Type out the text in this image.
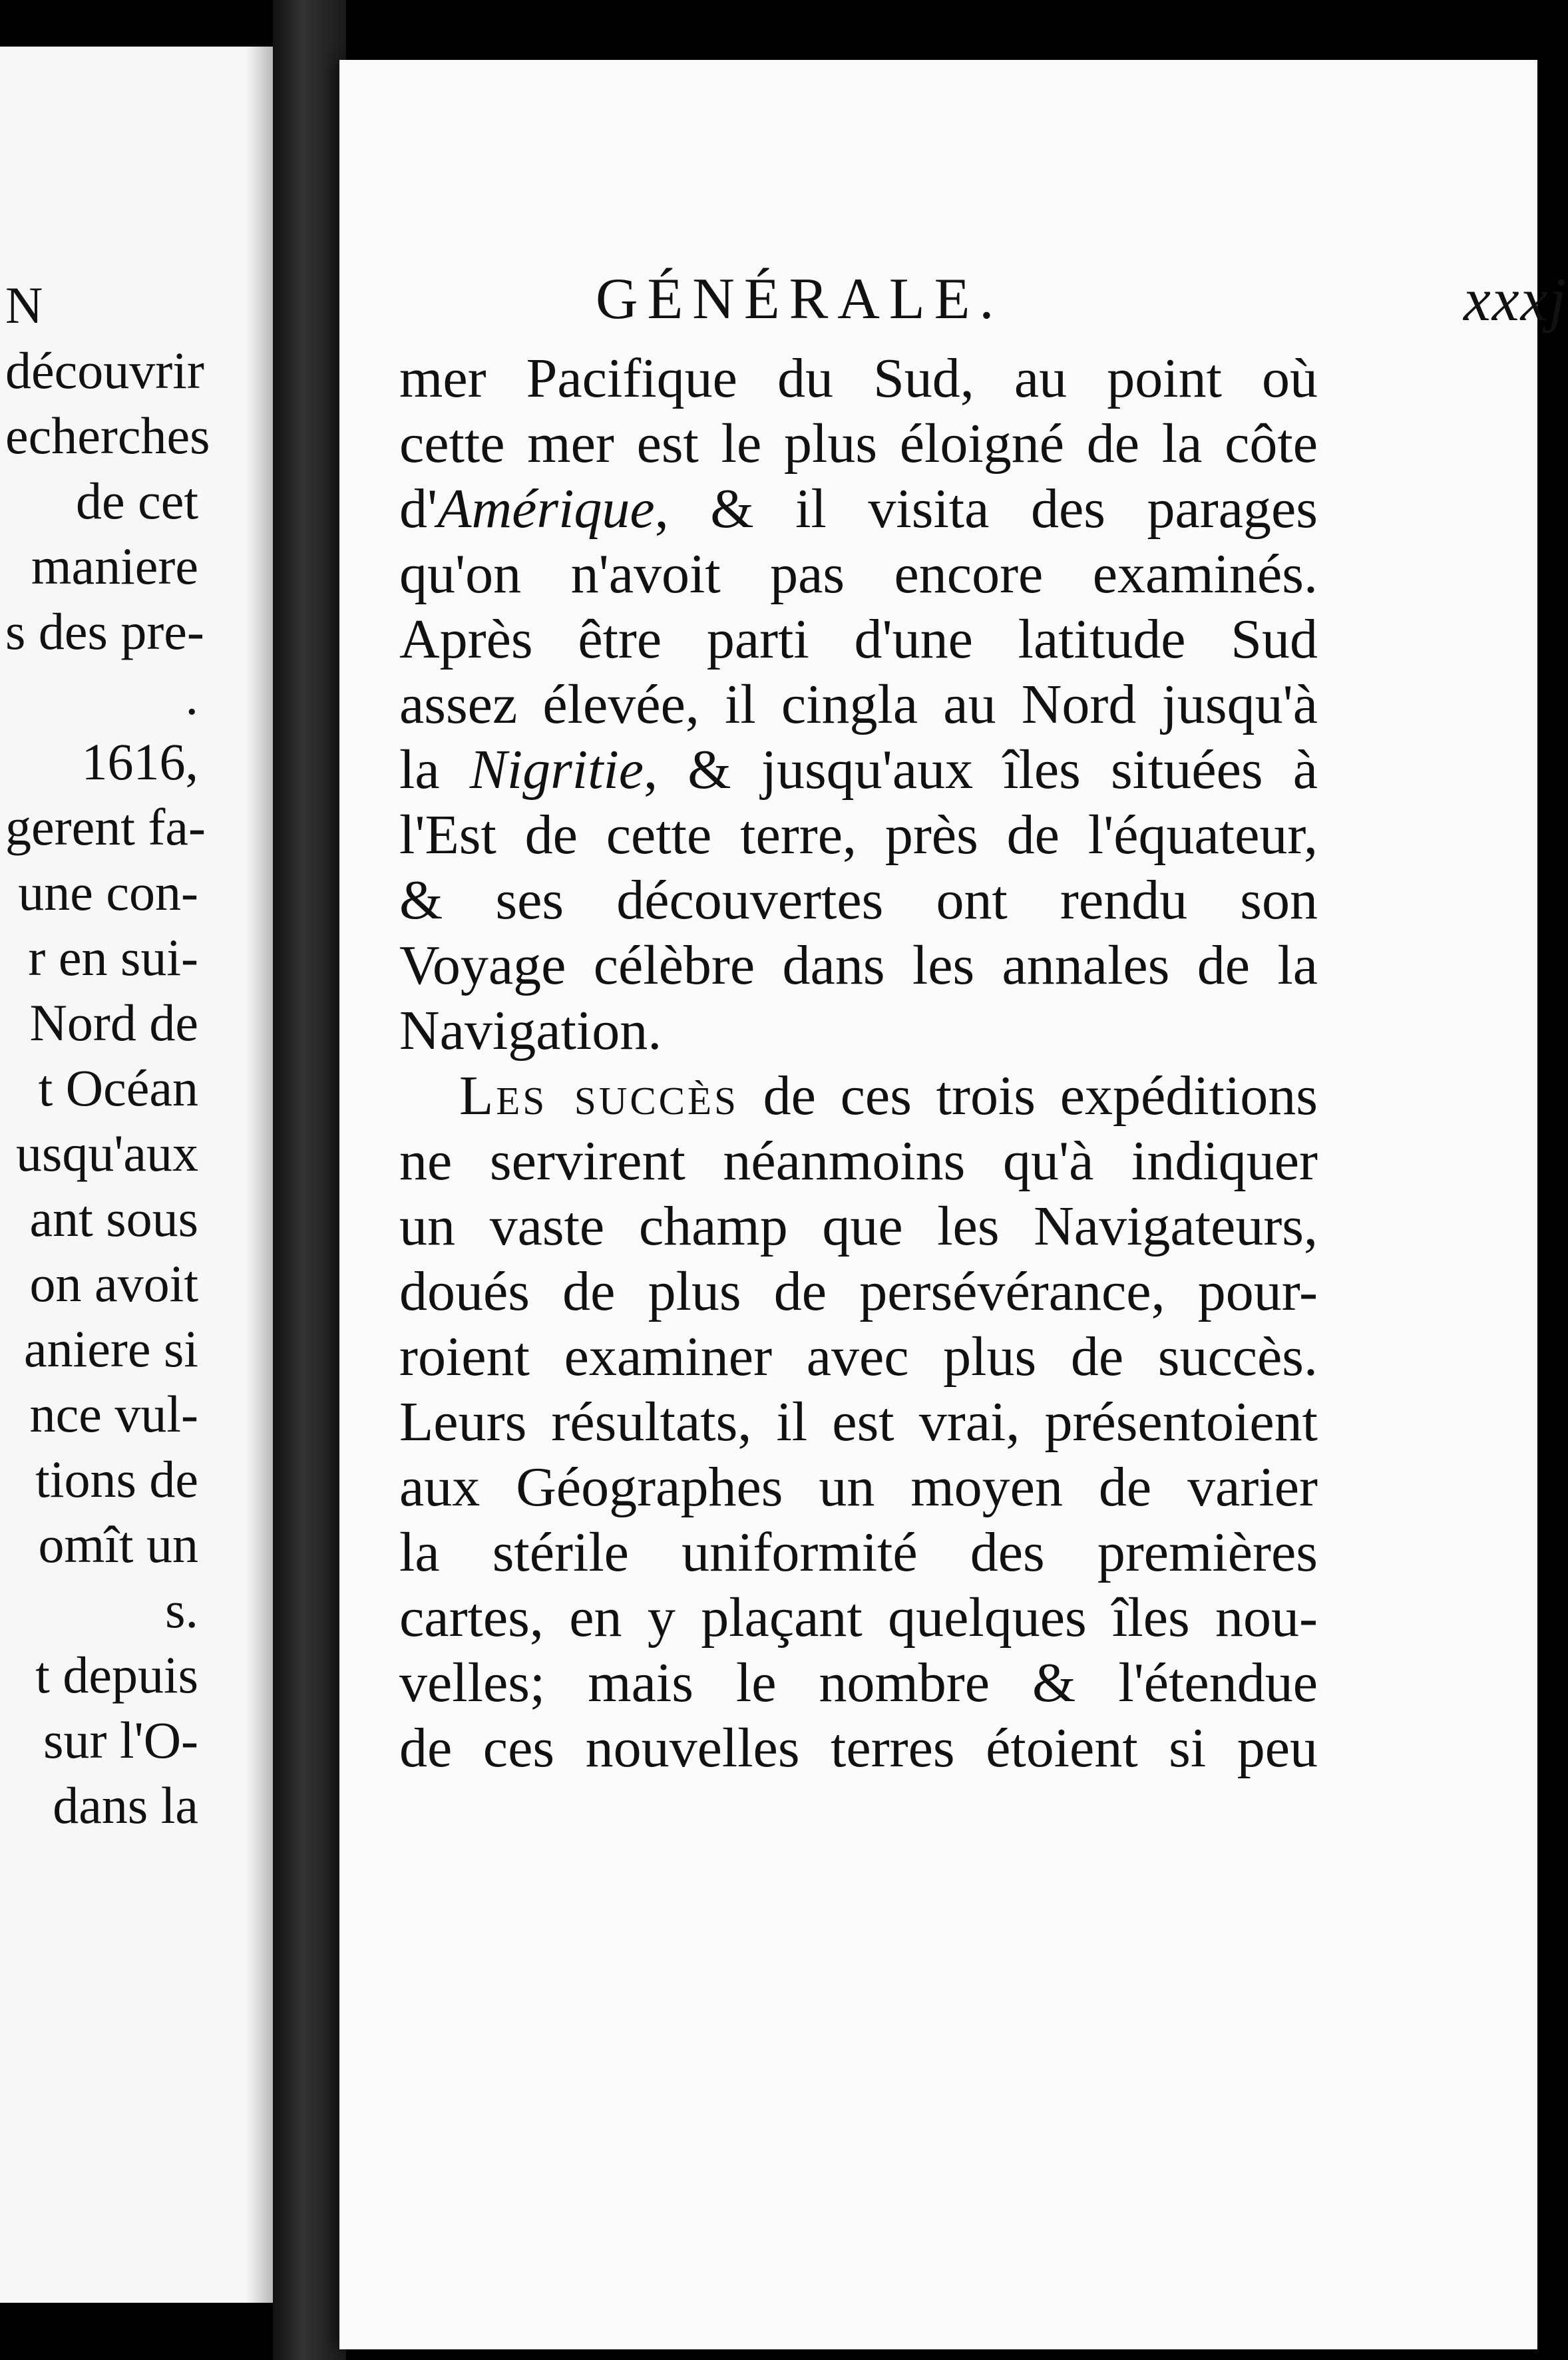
N
découvrir
echerches
de cet
maniere
s des pre-
.
1616,
gerent fa-
une con-
r en sui-
Nord de
t Océan
usqu'aux
ant sous
on avoit
aniere si
nce vul-
tions de
omît un
s.
t depuis
sur l'O-
dans la
GÉNÉRALE.	xxxj
mer Pacifique du Sud, au point où
cette mer est le plus éloigné de la côte
d'Amérique, & il visita des parages
qu'on n'avoit pas encore examinés.
Après être parti d'une latitude Sud
assez élevée, il cingla au Nord jusqu'à
la Nigritie, & jusqu'aux îles situées à
l'Est de cette terre, près de l'équateur,
& ses découvertes ont rendu son
Voyage célèbre dans les annales de la
Navigation.
Les succès de ces trois expéditions
ne servirent néanmoins qu'à indiquer
un vaste champ que les Navigateurs,
doués de plus de persévérance, pour-
roient examiner avec plus de succès.
Leurs résultats, il est vrai, présentoient
aux Géographes un moyen de varier
la stérile uniformité des premières
cartes, en y plaçant quelques îles nou-
velles; mais le nombre & l'étendue
de ces nouvelles terres étoient si peu
